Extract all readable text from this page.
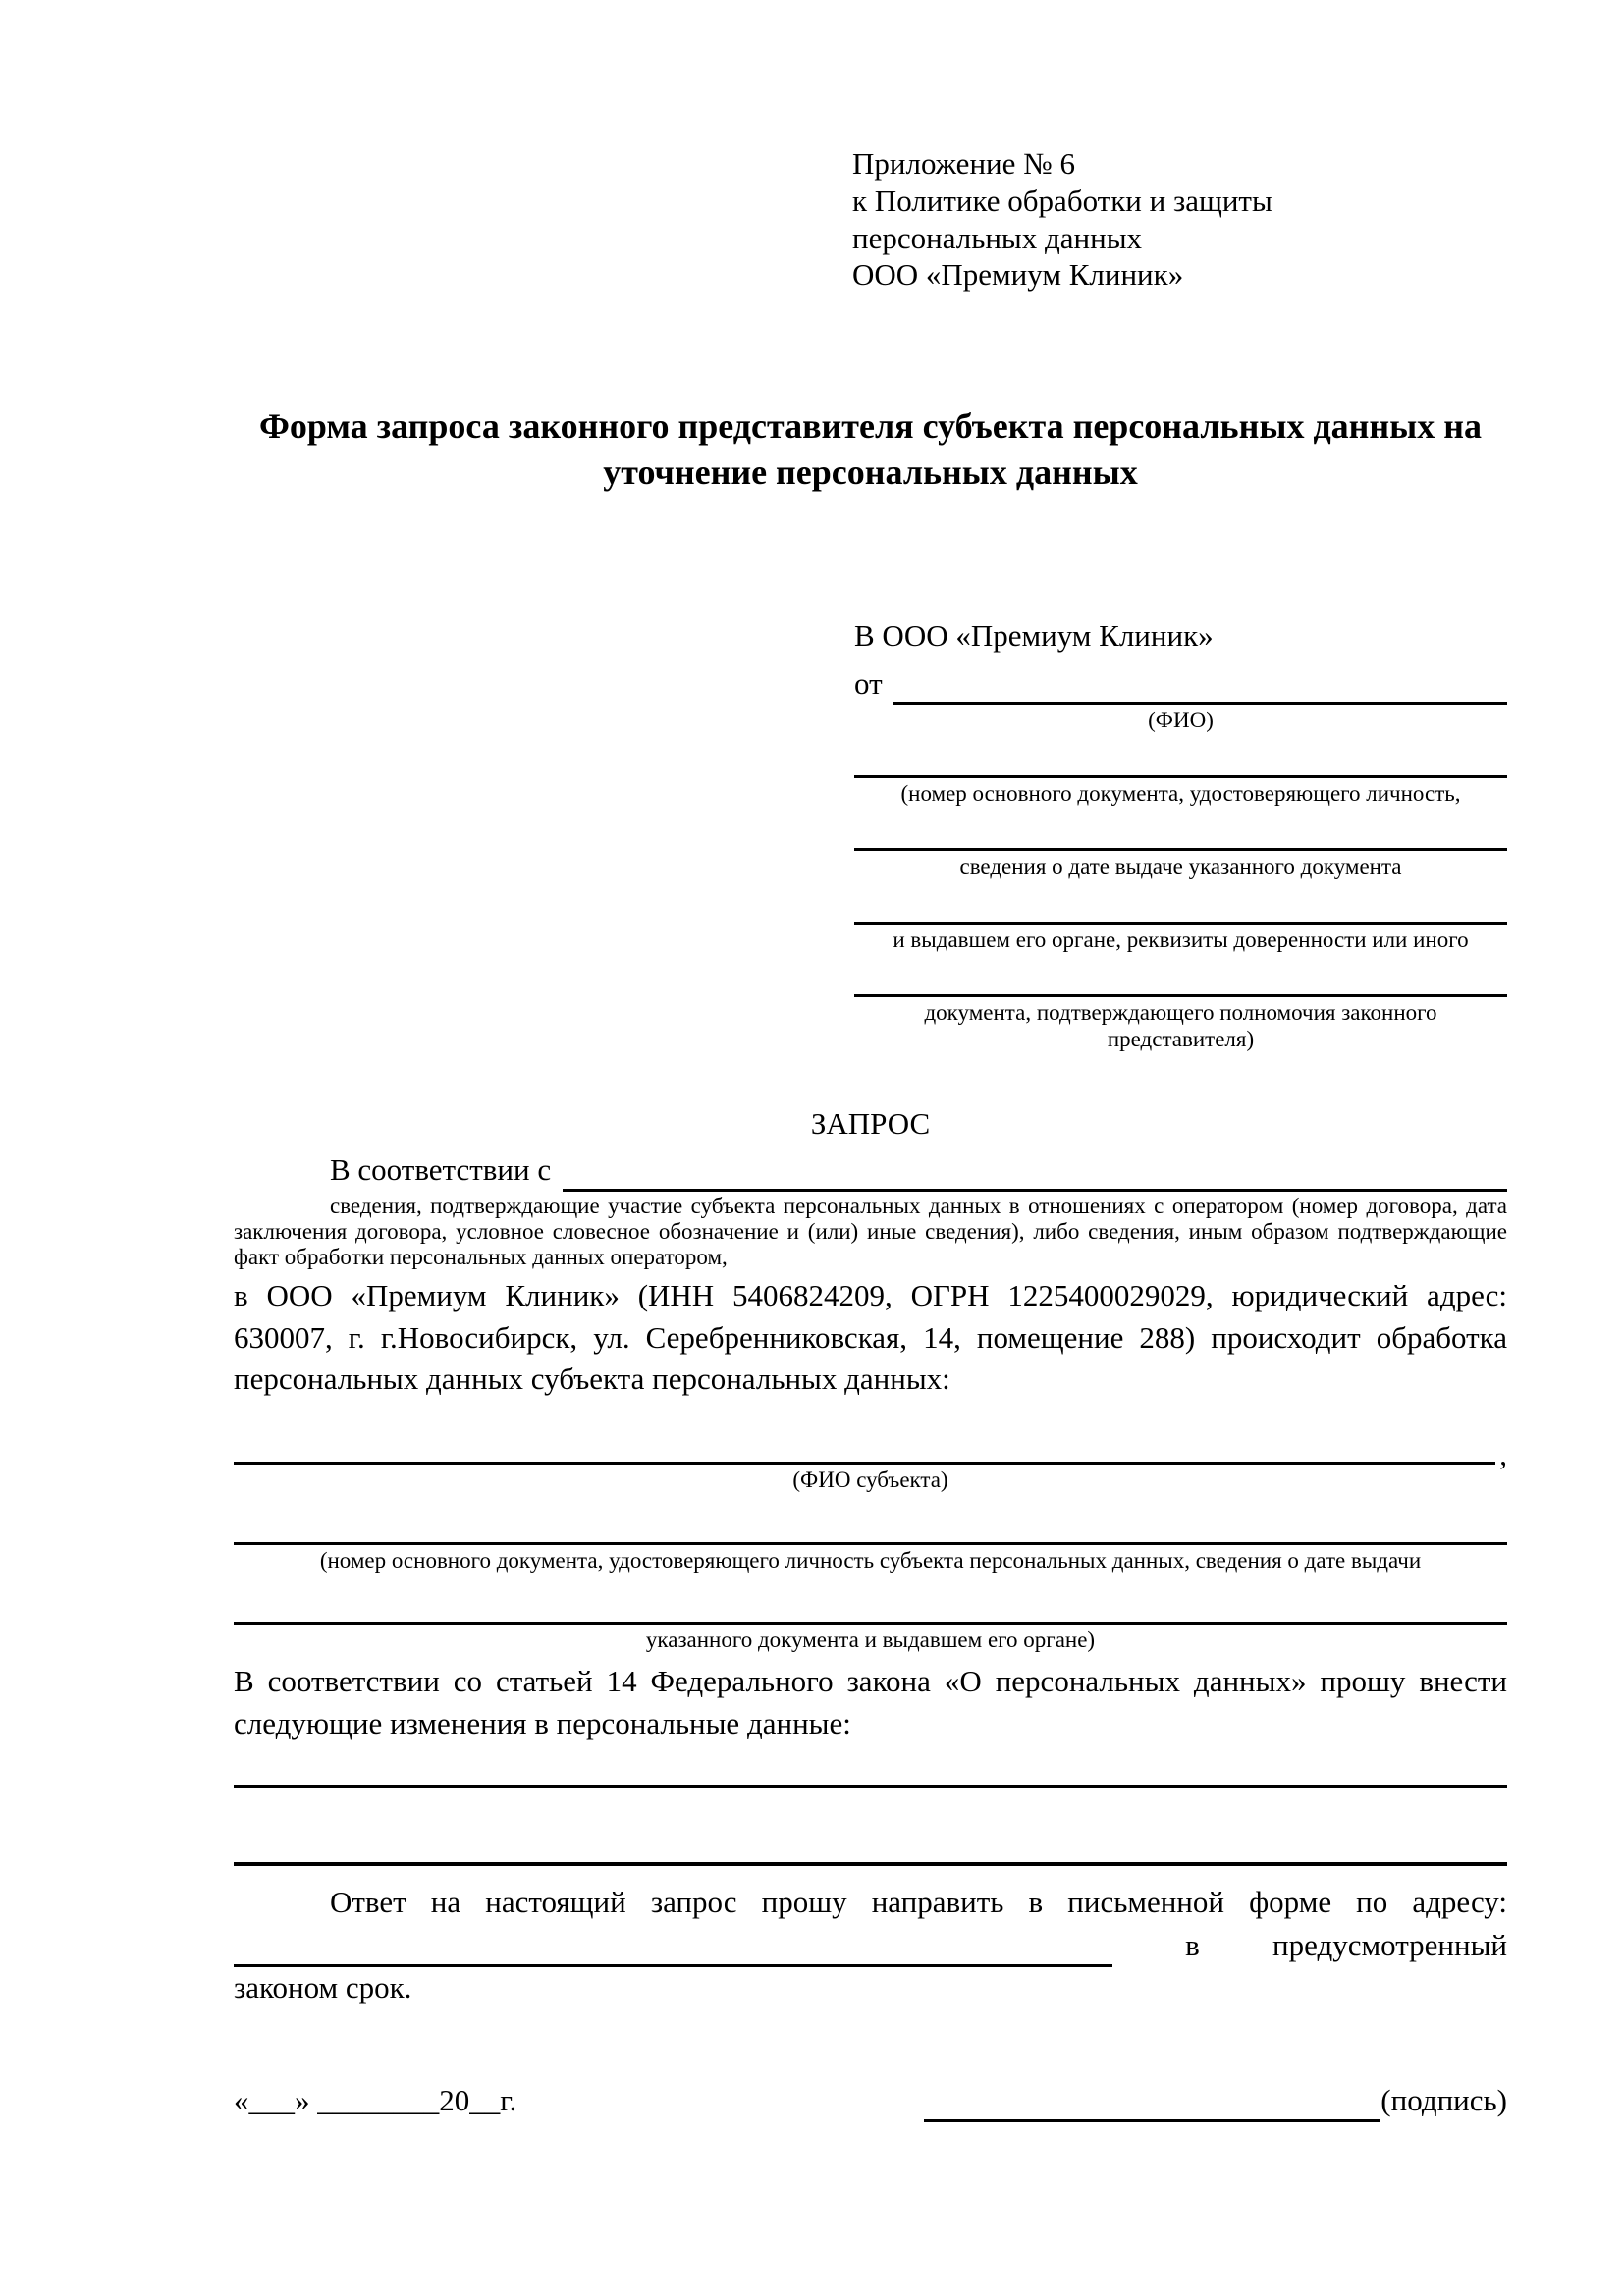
Приложение № 6
к Политике обработки и защиты
персональных данных
ООО «Премиум Клиник»
Форма запроса законного представителя субъекта персональных данных на уточнение персональных данных
В ООО «Премиум Клиник»
от
(ФИО)
(номер основного документа, удостоверяющего личность,
сведения о дате выдаче указанного документа
и выдавшем его органе, реквизиты доверенности или иного
документа, подтверждающего полномочия законного представителя)
ЗАПРОС
В соответствии с
сведения, подтверждающие участие субъекта персональных данных в отношениях с оператором (номер договора, дата заключения договора, условное словесное обозначение и (или) иные сведения), либо сведения, иным образом подтверждающие факт обработки персональных данных оператором,
в ООО «Премиум Клиник» (ИНН 5406824209, ОГРН 1225400029029, юридический адрес: 630007, г. г.Новосибирск, ул. Серебренниковская, 14, помещение 288) происходит обработка персональных данных субъекта персональных данных:
,
(ФИО субъекта)
(номер основного документа, удостоверяющего личность субъекта персональных данных, сведения о дате выдачи
указанного документа и выдавшем его органе)
В соответствии со статьей 14 Федерального закона «О персональных данных» прошу внести следующие изменения в персональные данные:
Ответ на настоящий запрос прошу направить в письменной форме по адресу:
в предусмотренный
законом срок.
«___» ________20__г.	(подпись)
